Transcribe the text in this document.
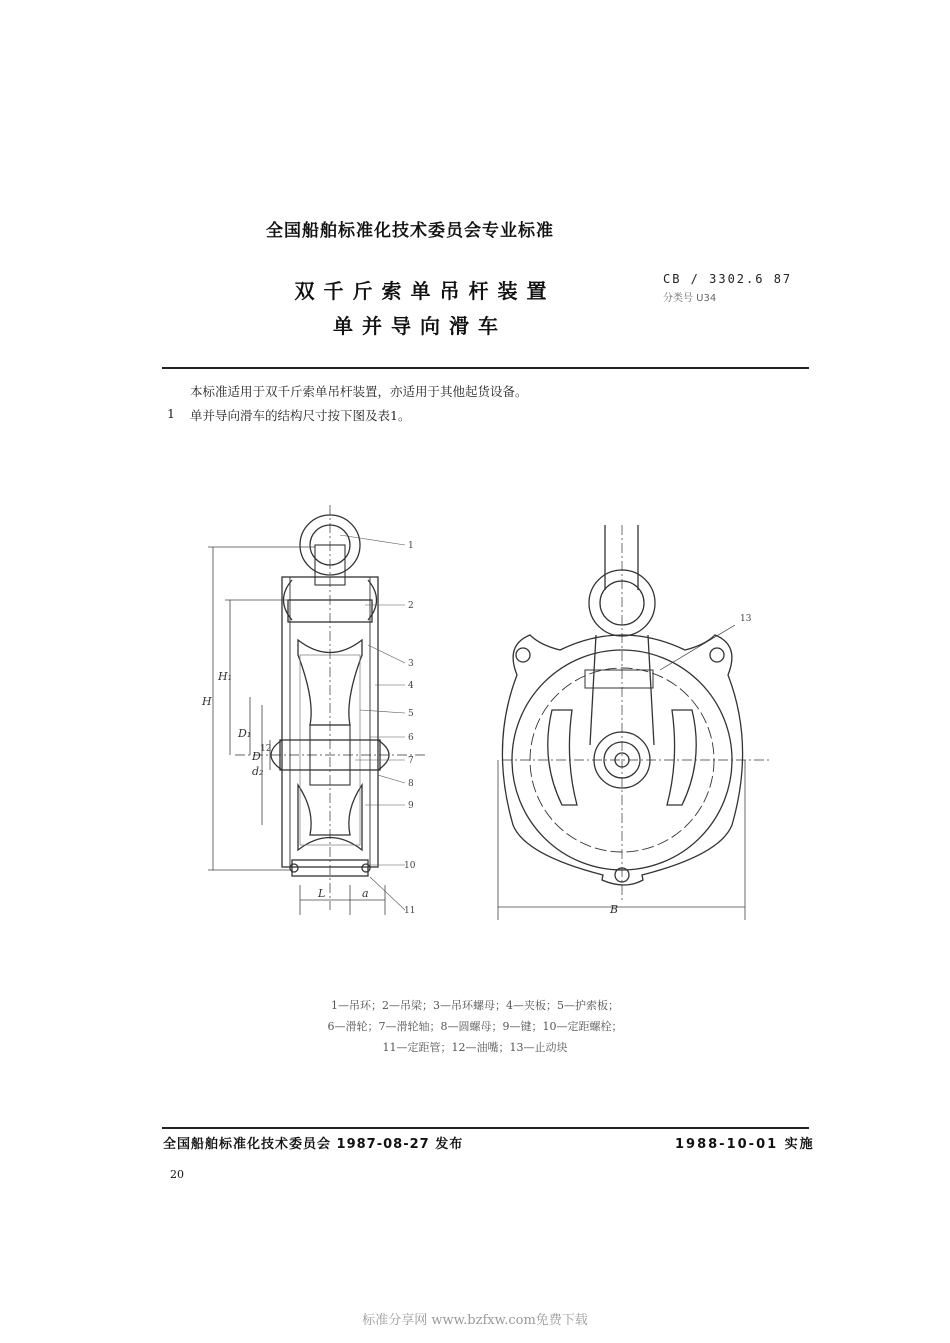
全国船舶标准化技术委员会专业标准
双千斤索单吊杆装置
单并导向滑车
CB / 3302.6 87
分类号 U34
本标准适用于双千斤索单吊杆装置，亦适用于其他起货设备。
1 单并导向滑车的结构尺寸按下图及表1。
H
H₁
D₁
D
d₂
L	a
B
1
2
3
4
5
6
7
8
9
10
11
12
13
1—吊环；2—吊梁；3—吊环螺母；4—夹板；5—护索板；
6—滑轮；7—滑轮轴；8—圆螺母；9—键；10—定距螺栓；
11—定距管；12—油嘴；13—止动块
全国船舶标准化技术委员会 1987-08-27 发布	1988-10-01 实施
20
标准分享网 www.bzfxw.com免费下载
